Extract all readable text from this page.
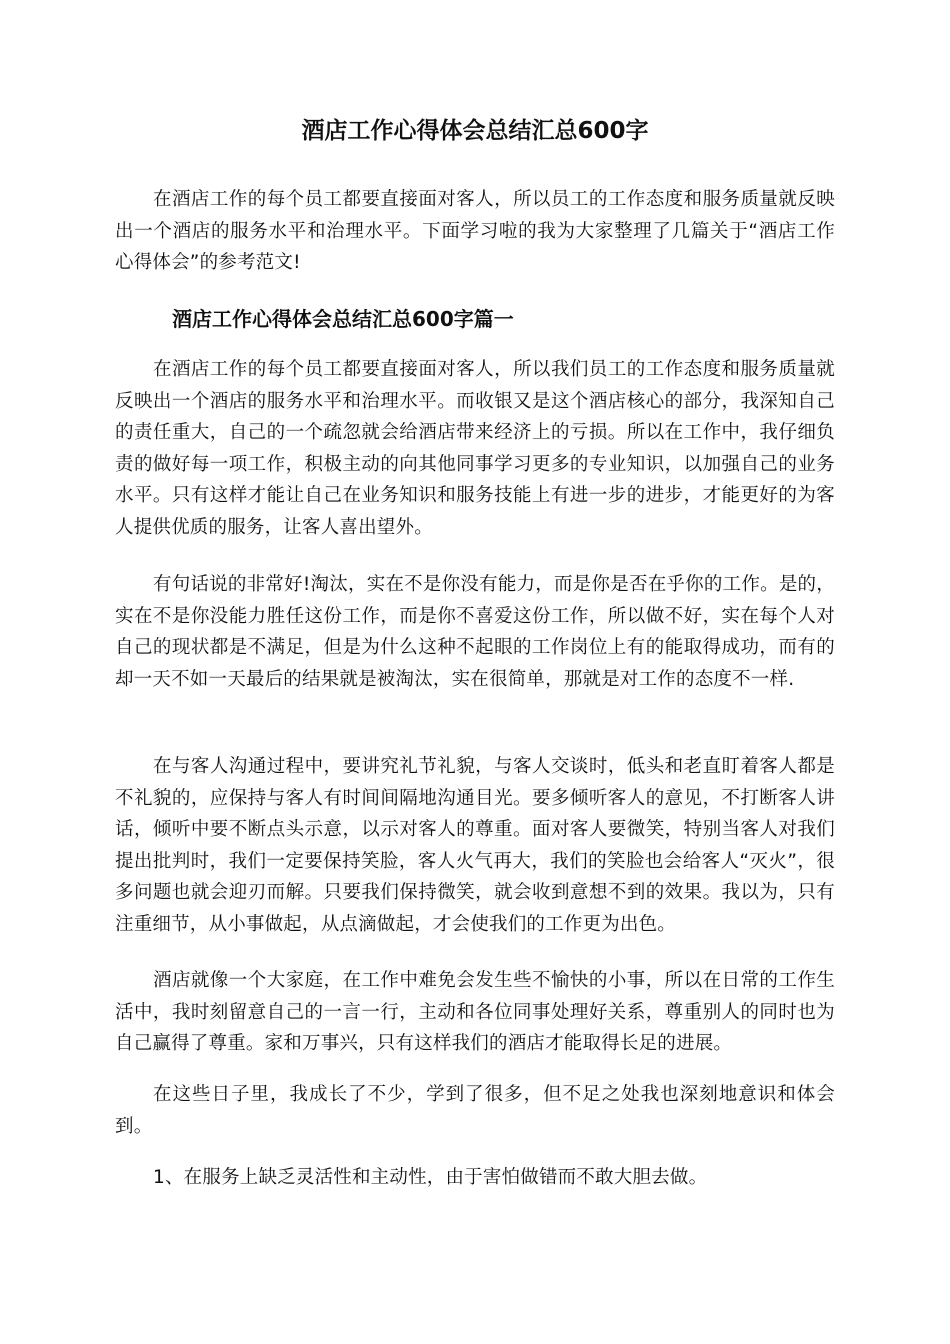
酒店工作心得体会总结汇总600字

在酒店工作的每个员工都要直接面对客人，所以员工的工作态度和服务质量就反映出一个酒店的服务水平和治理水平。下面学习啦的我为大家整理了几篇关于“酒店工作心得体会”的参考范文!

酒店工作心得体会总结汇总600字篇一

在酒店工作的每个员工都要直接面对客人，所以我们员工的工作态度和服务质量就反映出一个酒店的服务水平和治理水平。而收银又是这个酒店核心的部分，我深知自己的责任重大，自己的一个疏忽就会给酒店带来经济上的亏损。所以在工作中，我仔细负责的做好每一项工作，积极主动的向其他同事学习更多的专业知识，以加强自己的业务水平。只有这样才能让自己在业务知识和服务技能上有进一步的进步，才能更好的为客人提供优质的服务，让客人喜出望外。

有句话说的非常好!淘汰，实在不是你没有能力，而是你是否在乎你的工作。是的，实在不是你没能力胜任这份工作，而是你不喜爱这份工作，所以做不好，实在每个人对自己的现状都是不满足，但是为什么这种不起眼的工作岗位上有的能取得成功，而有的却一天不如一天最后的结果就是被淘汰，实在很简单，那就是对工作的态度不一样.

在与客人沟通过程中，要讲究礼节礼貌，与客人交谈时，低头和老直盯着客人都是不礼貌的，应保持与客人有时间间隔地沟通目光。要多倾听客人的意见，不打断客人讲话，倾听中要不断点头示意，以示对客人的尊重。面对客人要微笑，特别当客人对我们提出批判时，我们一定要保持笑脸，客人火气再大，我们的笑脸也会给客人“灭火”，很多问题也就会迎刃而解。只要我们保持微笑，就会收到意想不到的效果。我以为，只有注重细节，从小事做起，从点滴做起，才会使我们的工作更为出色。

酒店就像一个大家庭，在工作中难免会发生些不愉快的小事，所以在日常的工作生活中，我时刻留意自己的一言一行，主动和各位同事处理好关系，尊重别人的同时也为自己赢得了尊重。家和万事兴，只有这样我们的酒店才能取得长足的进展。

在这些日子里，我成长了不少，学到了很多，但不足之处我也深刻地意识和体会到。

1、在服务上缺乏灵活性和主动性，由于害怕做错而不敢大胆去做。
